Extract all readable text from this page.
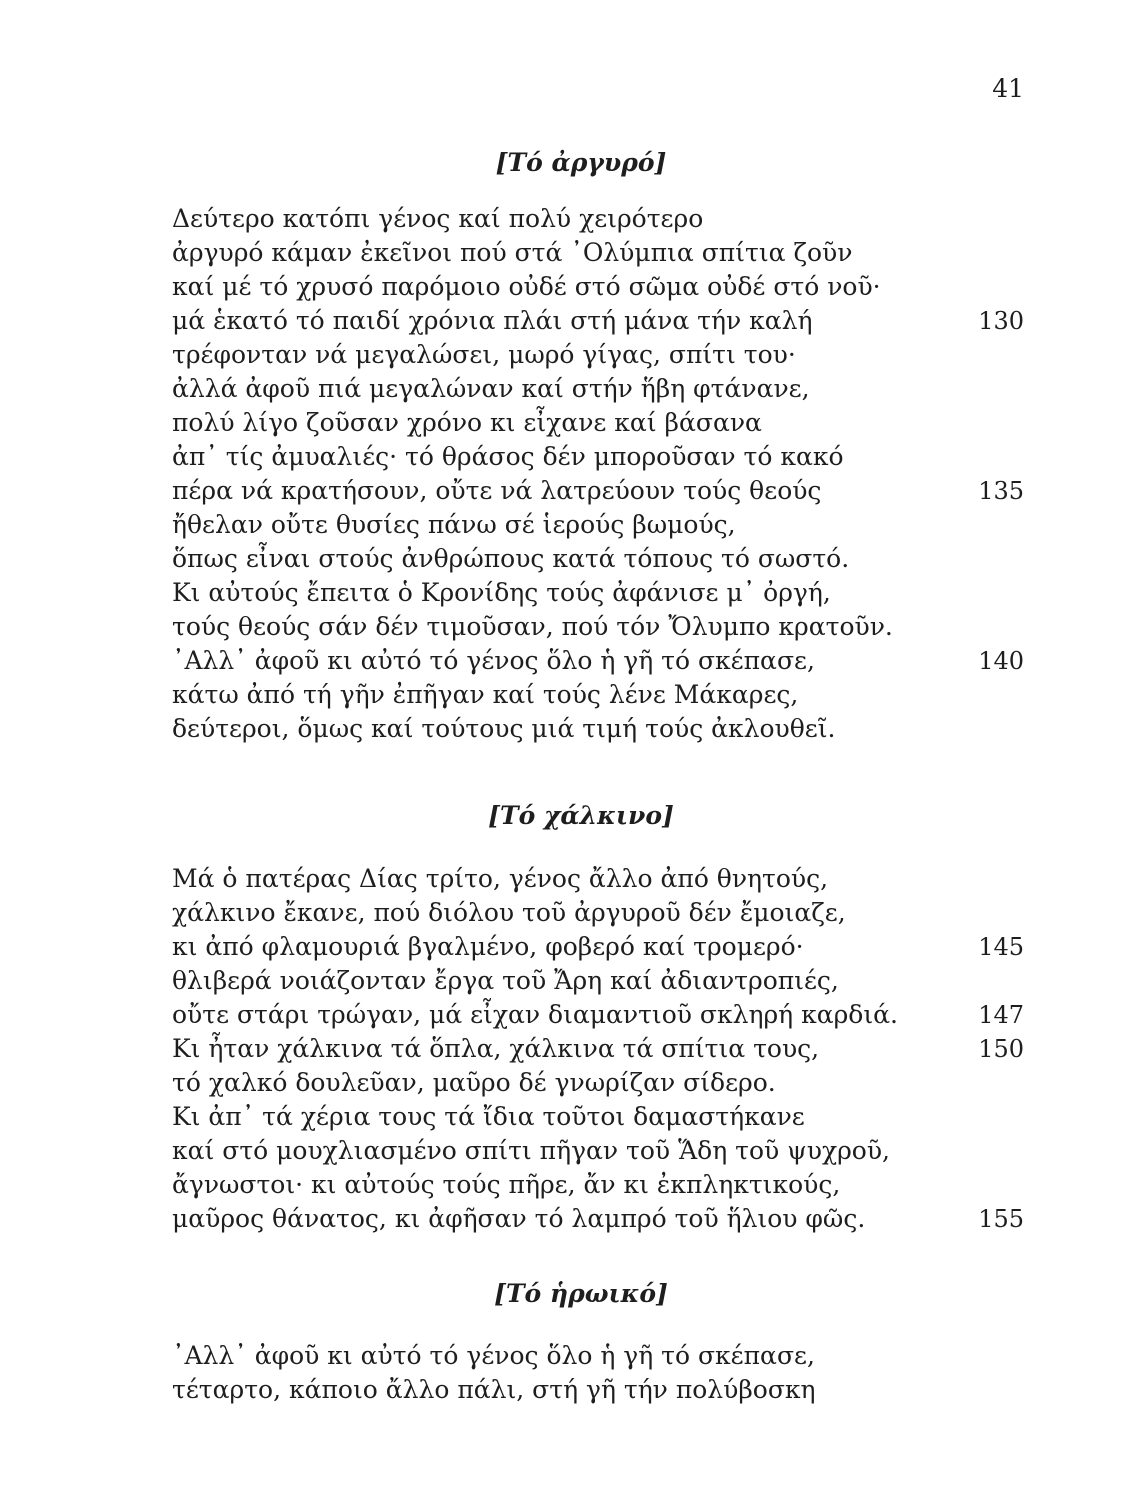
41
[Τό ἀργυρό]
Δεύτερο κατόπι γένος καί πολύ χειρότερο
ἀργυρό κάμαν ἐκεῖνοι πού στά ᾿Ολύμπια σπίτια ζοῦν
καί μέ τό χρυσό παρόμοιο οὐδέ στό σῶμα οὐδέ στό νοῦ·
μά ἑκατό τό παιδί χρόνια πλάι στή μάνα τήν καλή	130
τρέφονταν νά μεγαλώσει, μωρό γίγας, σπίτι του·
ἀλλά ἀφοῦ πιά μεγαλώναν καί στήν ἥβη φτάνανε,
πολύ λίγο ζοῦσαν χρόνο κι εἶχανε καί βάσανα
ἀπ᾿ τίς ἀμυαλιές· τό θράσος δέν μποροῦσαν τό κακό
πέρα νά κρατήσουν, οὔτε νά λατρεύουν τούς θεούς	135
ἤθελαν οὔτε θυσίες πάνω σέ ἱερούς βωμούς,
ὅπως εἶναι στούς ἀνθρώπους κατά τόπους τό σωστό.
Κι αὐτούς ἔπειτα ὁ Κρονίδης τούς ἀφάνισε μ᾿ ὀργή,
τούς θεούς σάν δέν τιμοῦσαν, πού τόν Ὄλυμπο κρατοῦν.
᾿Αλλ᾿ ἀφοῦ κι αὐτό τό γένος ὅλο ἡ γῆ τό σκέπασε,	140
κάτω ἀπό τή γῆν ἐπῆγαν καί τούς λένε Μάκαρες,
δεύτεροι, ὅμως καί τούτους μιά τιμή τούς ἀκλουθεῖ.
[Τό χάλκινο]
Μά ὁ πατέρας Δίας τρίτο, γένος ἄλλο ἀπό θνητούς,
χάλκινο ἔκανε, πού διόλου τοῦ ἀργυροῦ δέν ἔμοιαζε,
κι ἀπό φλαμουριά βγαλμένο, φοβερό καί τρομερό·	145
θλιβερά νοιάζονταν ἔργα τοῦ Ἄρη καί ἀδιαντροπιές,
οὔτε στάρι τρώγαν, μά εἶχαν διαμαντιοῦ σκληρή καρδιά.	147
Κι ἦταν χάλκινα τά ὅπλα, χάλκινα τά σπίτια τους,	150
τό χαλκό δουλεῦαν, μαῦρο δέ γνωρίζαν σίδερο.
Κι ἀπ᾿ τά χέρια τους τά ἴδια τοῦτοι δαμαστήκανε
καί στό μουχλιασμένο σπίτι πῆγαν τοῦ Ἅδη τοῦ ψυχροῦ,
ἄγνωστοι· κι αὐτούς τούς πῆρε, ἄν κι ἐκπληκτικούς,
μαῦρος θάνατος, κι ἀφῆσαν τό λαμπρό τοῦ ἥλιου φῶς.	155
[Τό ἡρωικό]
᾿Αλλ᾿ ἀφοῦ κι αὐτό τό γένος ὅλο ἡ γῆ τό σκέπασε,
τέταρτο, κάποιο ἄλλο πάλι, στή γῆ τήν πολύβοσκη
